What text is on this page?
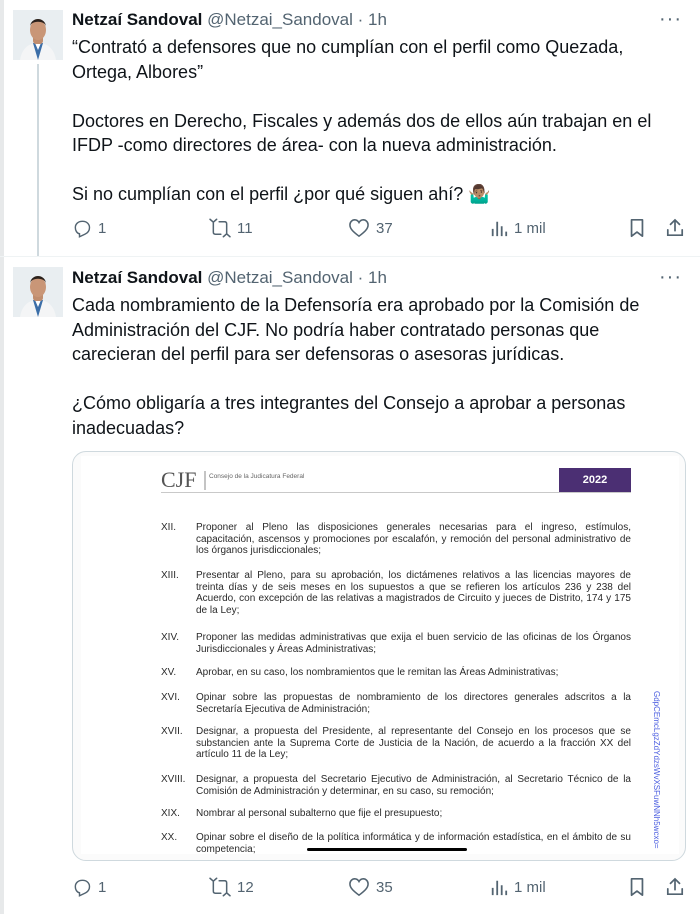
Netzaí Sandoval @Netzai_Sandoval · 1h	···

“Contrató a defensores que no cumplían con el perfil como Quezada, Ortega, Albores”

Doctores en Derecho, Fiscales y además dos de ellos aún trabajan en el IFDP -como directores de área- con la nueva administración.

Si no cumplían con el perfil ¿por qué siguen ahí? 🤷🏽‍♂️

1	11	37	1 mil
Netzaí Sandoval @Netzai_Sandoval · 1h	···

Cada nombramiento de la Defensoría era aprobado por la Comisión de Administración del CJF. No podría haber contratado personas que carecieran del perfil para ser defensoras o asesoras jurídicas.

¿Cómo obligaría a tres integrantes del Consejo a aprobar a personas inadecuadas?

CJF Consejo de la Judicatura Federal	2022
XII.	Proponer al Pleno las disposiciones generales necesarias para el ingreso, estímulos, capacitación, ascensos y promociones por escalafón, y remoción del personal administrativo de los órganos jurisdiccionales;
XIII.	Presentar al Pleno, para su aprobación, los dictámenes relativos a las licencias mayores de treinta días y de seis meses en los supuestos a que se refieren los artículos 236 y 238 del Acuerdo, con excepción de las relativas a magistrados de Circuito y jueces de Distrito, 174 y 175 de la Ley;
XIV.	Proponer las medidas administrativas que exija el buen servicio de las oficinas de los Órganos Jurisdiccionales y Áreas Administrativas;
XV.	Aprobar, en su caso, los nombramientos que le remitan las Áreas Administrativas;
XVI.	Opinar sobre las propuestas de nombramiento de los directores generales adscritos a la Secretaría Ejecutiva de Administración;
XVII.	Designar, a propuesta del Presidente, al representante del Consejo en los procesos que se substancien ante la Suprema Corte de Justicia de la Nación, de acuerdo a la fracción XX del artículo 11 de la Ley;
XVIII.	Designar, a propuesta del Secretario Ejecutivo de Administración, al Secretario Técnico de la Comisión de Administración y determinar, en su caso, su remoción;
XIX.	Nombrar al personal subalterno que fije el presupuesto;
XX.	Opinar sobre el diseño de la política informática y de información estadística, en el ámbito de su competencia;
GdpCEmcLgzZdYdzsWvXSFuwNNh5wcxo=
1	12	35	1 mil
